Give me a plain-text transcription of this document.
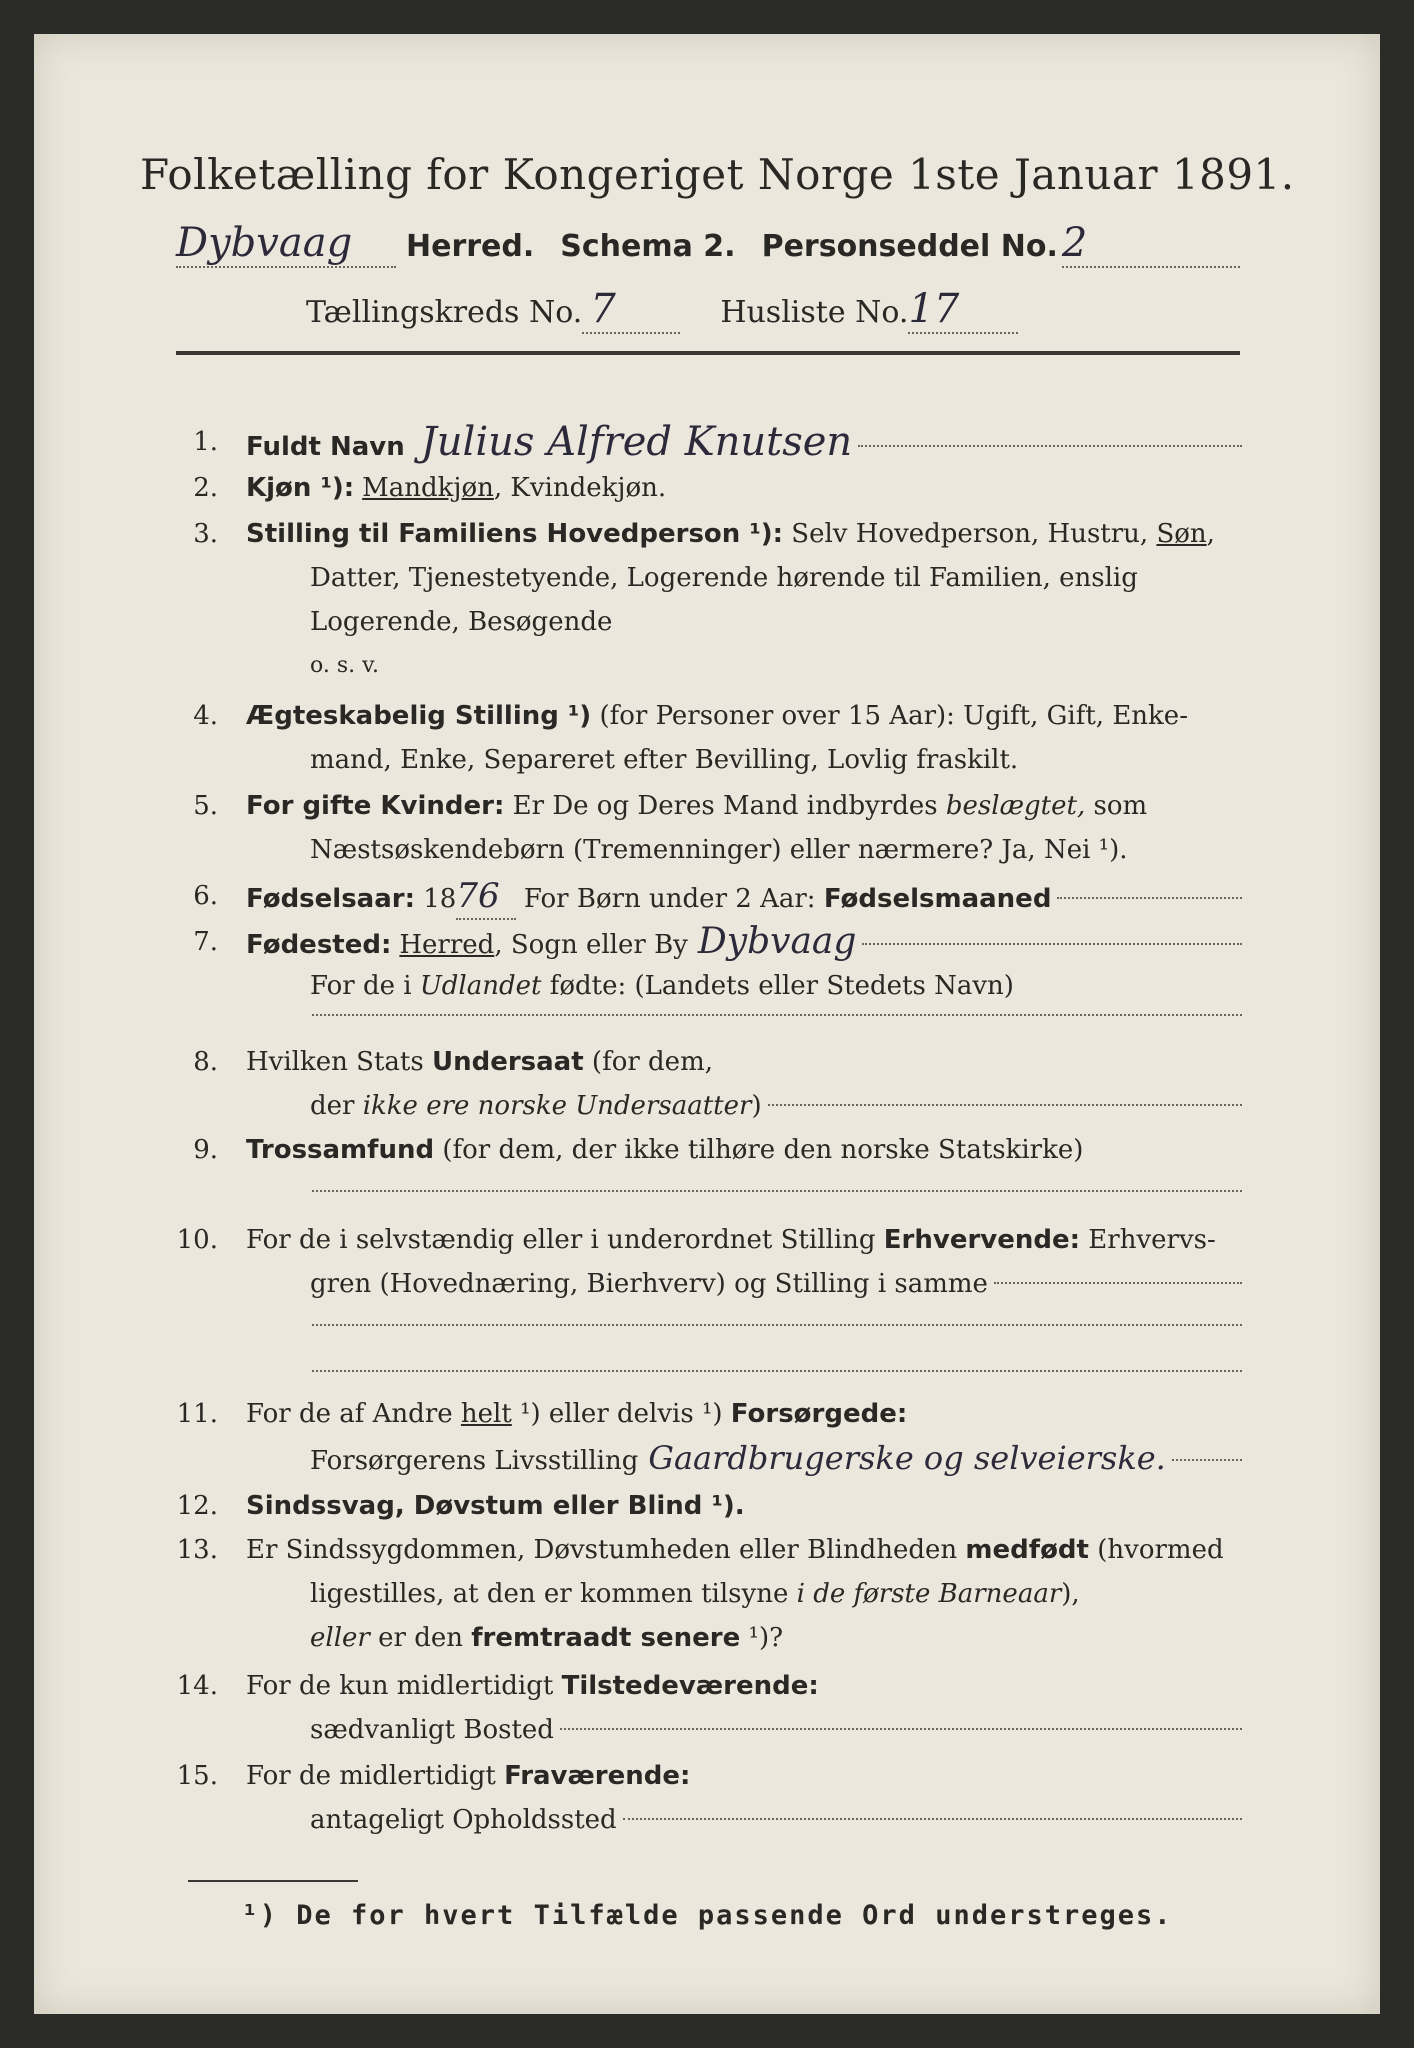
Folketælling for Kongeriget Norge 1ste Januar 1891.
Dybvaag	Herred. Schema 2. Personseddel No. 2
Tællingskreds No. 7	Husliste No. 17
1. Fuldt Navn Julius Alfred Knutsen
2. Kjøn ¹): Mandkjøn , Kvindekjøn.
3. Stilling til Familiens Hovedperson ¹): Selv Hovedperson, Hustru, Søn ,
Datter, Tjenestetyende, Logerende hørende til Familien, enslig
Logerende, Besøgende
o. s. v.
4. Ægteskabelig Stilling ¹) (for Personer over 15 Aar): Ugift, Gift, Enke-
mand, Enke, Separeret efter Bevilling, Lovlig fraskilt.
5. For gifte Kvinder: Er De og Deres Mand indbyrdes beslægtet, som
Næstsøskendebørn (Tremenninger) eller nærmere? Ja, Nei ¹).
6. Fødselsaar: 18 76 For Børn under 2 Aar: Fødselsmaaned
7. Fødested: Herred , Sogn eller By Dybvaag
For de i Udlandet fødte: (Landets eller Stedets Navn)
8. Hvilken Stats Undersaat (for dem,
der ikke ere norske Undersaatter )
9. Trossamfund (for dem, der ikke tilhøre den norske Statskirke)
10. For de i selvstændig eller i underordnet Stilling Erhvervende: Erhvervs-
gren (Hovednæring, Bierhverv) og Stilling i samme
11. For de af Andre helt ¹) eller delvis ¹) Forsørgede:
Forsørgerens Livsstilling Gaardbrugerske og selveierske.
12. Sindssvag, Døvstum eller Blind ¹).
13. Er Sindssygdommen, Døvstumheden eller Blindheden medfødt (hvormed
ligestilles, at den er kommen tilsyne i de første Barneaar ),
eller er den fremtraadt senere ¹)?
14. For de kun midlertidigt Tilstedeværende:
sædvanligt Bosted
15. For de midlertidigt Fraværende:
antageligt Opholdssted
¹) De for hvert Tilfælde passende Ord understreges.
